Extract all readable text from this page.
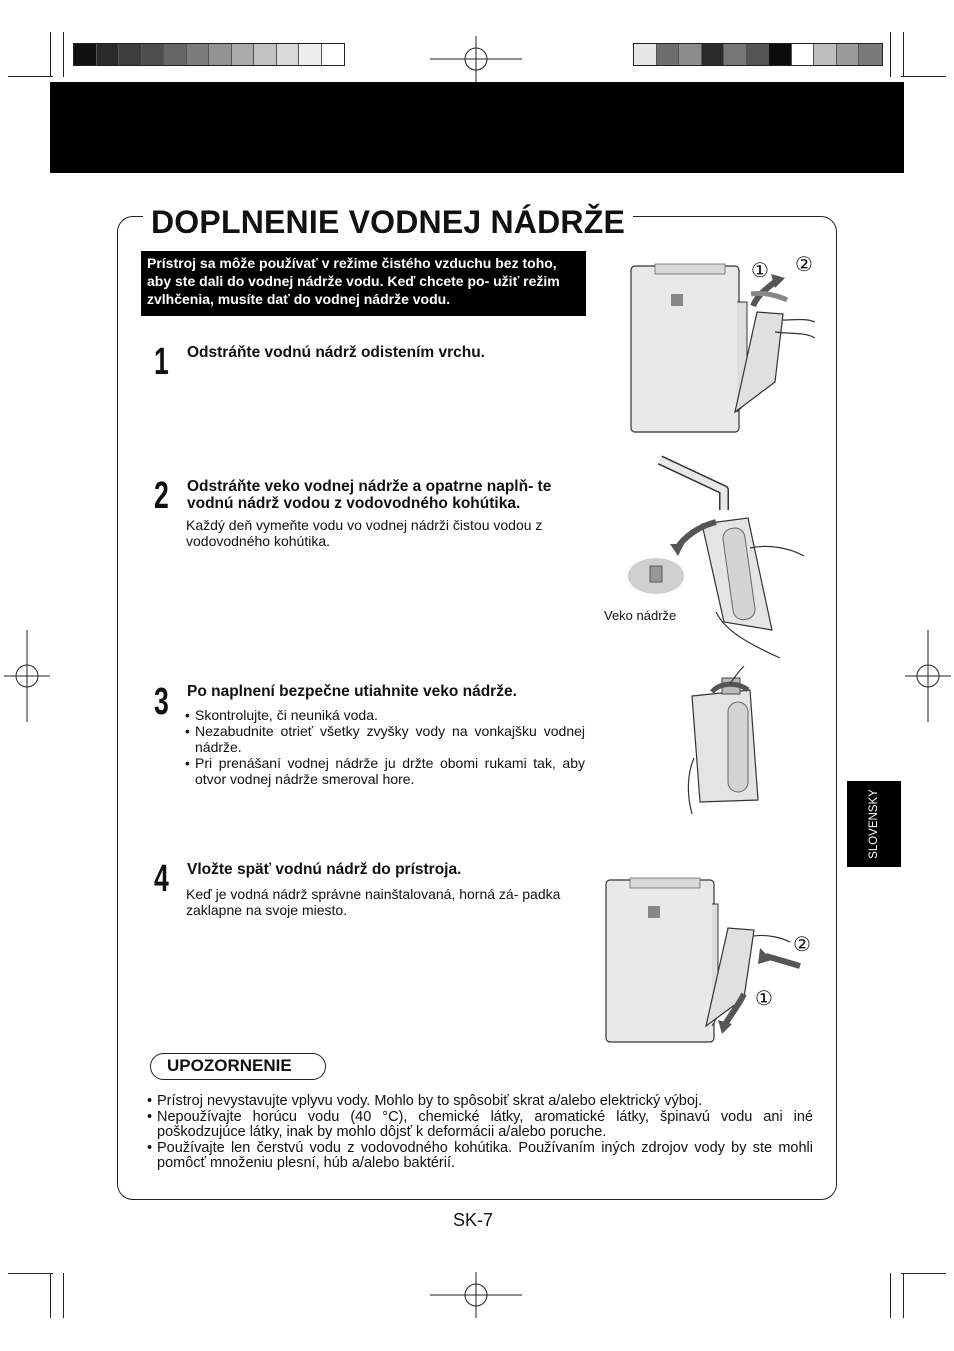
DOPLNENIE VODNEJ NÁDRŽE
Prístroj sa môže používať v režime čistého vzduchu bez toho, aby ste dali do vodnej nádrže vodu. Keď chcete po- užiť režim zvlhčenia, musíte dať do vodnej nádrže vodu.
1 Odstráňte vodnú nádrž odistením vrchu.
2 Odstráňte veko vodnej nádrže a opatrne naplň- te vodnú nádrž vodou z vodovodného kohútika.
Každý deň vymeňte vodu vo vodnej nádrži čistou vodou z vodovodného kohútika.
3 Po naplnení bezpečne utiahnite veko nádrže.
• Skontrolujte, či neuniká voda.
• Nezabudnite otrieť všetky zvyšky vody na vonkajšku vodnej nádrže.
• Pri prenášaní vodnej nádrže ju držte obomi rukami tak, aby otvor vodnej nádrže smeroval hore.
4 Vložte späť vodnú nádrž do prístroja.
Keď je vodná nádrž správne nainštalovaná, horná zá- padka zaklapne na svoje miesto.
① ②
Veko nádrže
②
①
UPOZORNENIE
• Prístroj nevystavujte vplyvu vody. Mohlo by to spôsobiť skrat a/alebo elektrický výboj.
• Nepoužívajte horúcu vodu (40 °C), chemické látky, aromatické látky, špinavú vodu ani iné poškodzujúce látky, inak by mohlo dôjsť k deformácii a/alebo poruche.
• Používajte len čerstvú vodu z vodovodného kohútika. Používaním iných zdrojov vody by ste mohli pomôcť množeniu plesní, húb a/alebo baktérií.
SLOVENSKY
SK-7
